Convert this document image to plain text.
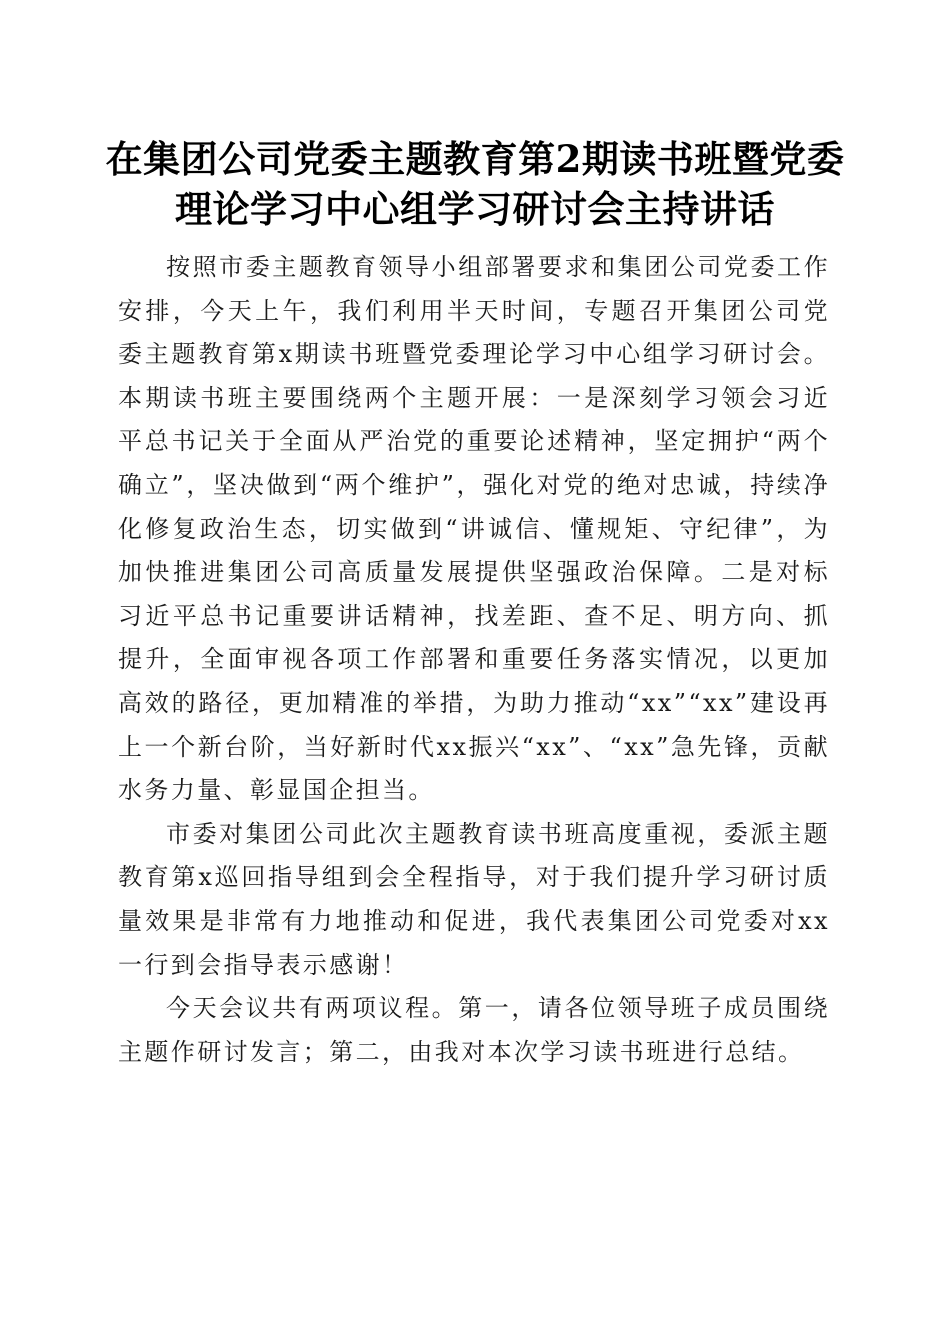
在集团公司党委主题教育第2期读书班暨党委
理论学习中心组学习研讨会主持讲话

按照市委主题教育领导小组部署要求和集团公司党委工作安排，今天上午，我们利用半天时间，专题召开集团公司党委主题教育第x期读书班暨党委理论学习中心组学习研讨会。本期读书班主要围绕两个主题开展：一是深刻学习领会习近平总书记关于全面从严治党的重要论述精神，坚定拥护“两个确立”，坚决做到“两个维护”，强化对党的绝对忠诚，持续净化修复政治生态，切实做到“讲诚信、懂规矩、守纪律”，为加快推进集团公司高质量发展提供坚强政治保障。二是对标习近平总书记重要讲话精神，找差距、查不足、明方向、抓提升，全面审视各项工作部署和重要任务落实情况，以更加高效的路径，更加精准的举措，为助力推动“xx”“xx”建设再上一个新台阶，当好新时代xx振兴“xx”、“xx”急先锋，贡献水务力量、彰显国企担当。

市委对集团公司此次主题教育读书班高度重视，委派主题教育第x巡回指导组到会全程指导，对于我们提升学习研讨质量效果是非常有力地推动和促进，我代表集团公司党委对xx一行到会指导表示感谢！

今天会议共有两项议程。第一，请各位领导班子成员围绕主题作研讨发言；第二，由我对本次学习读书班进行总结。
